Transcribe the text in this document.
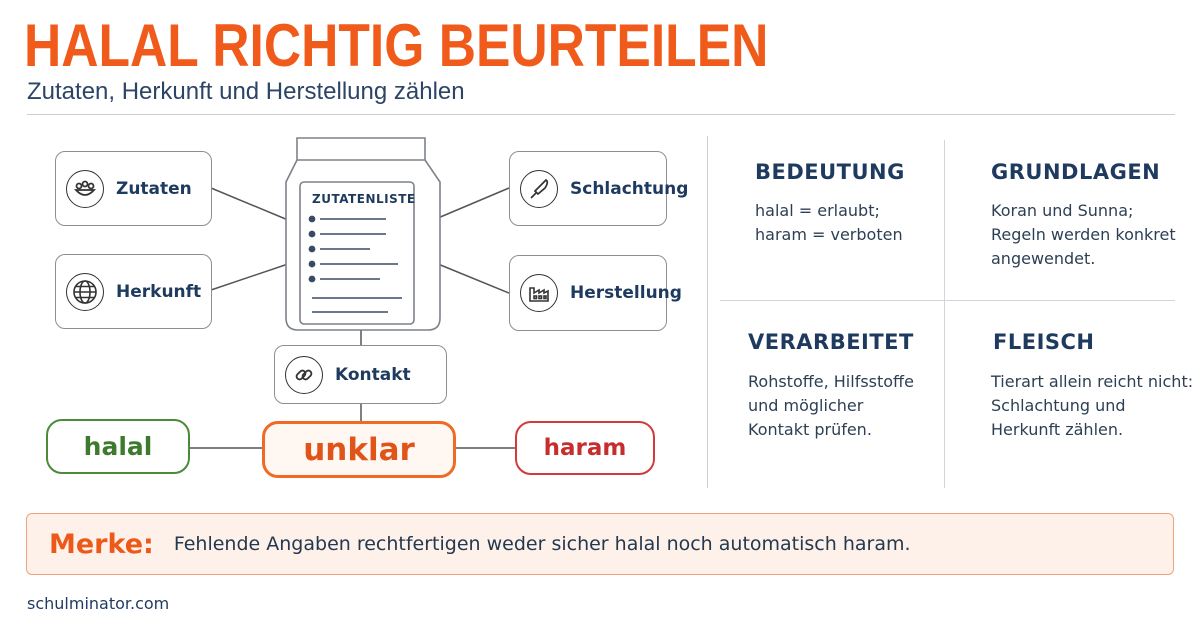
HALAL RICHTIG BEURTEILEN
Zutaten, Herkunft und Herstellung zählen
ZUTATENLISTE
Zutaten
Herkunft
Schlachtung
Herstellung
Kontakt
halal	unklar	haram
BEDEUTUNG

halal = erlaubt;
haram = verboten

GRUNDLAGEN

Koran und Sunna;
Regeln werden konkret
angewendet.

VERARBEITET

Rohstoffe, Hilfsstoffe
und möglicher
Kontakt prüfen.

FLEISCH

Tierart allein reicht nicht:
Schlachtung und
Herkunft zählen.

Merke: Fehlende Angaben rechtfertigen weder sicher halal noch automatisch haram.
schulminator.com
